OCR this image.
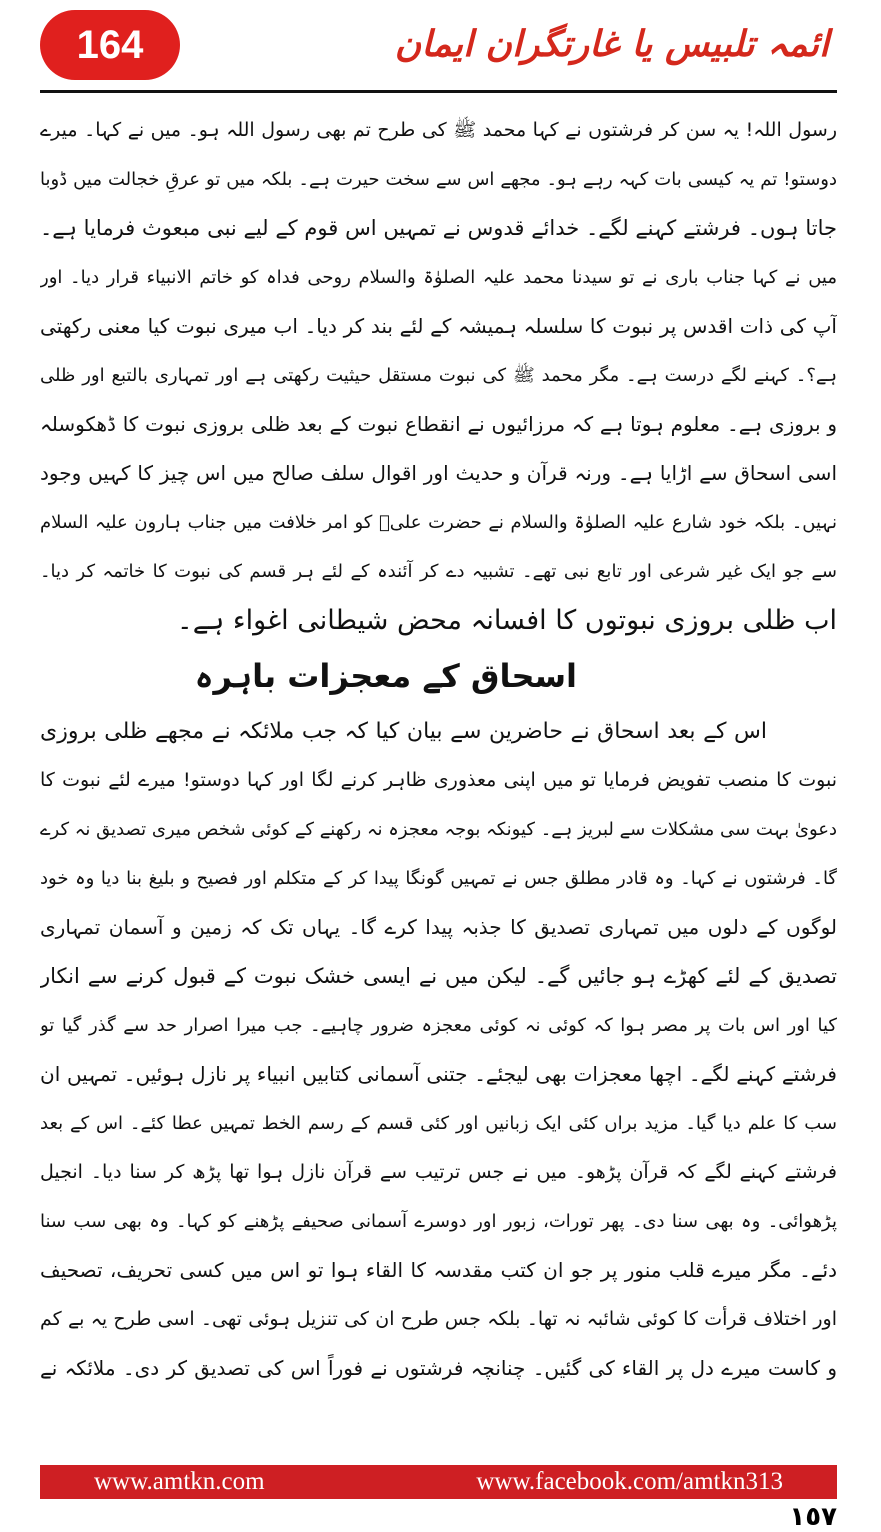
164	ائمہ تلبیس یا غارتگران ایمان
رسول اللہ! یہ سن کر فرشتوں نے کہا محمد ﷺ کی طرح تم بھی رسول اللہ ہو۔ میں نے کہا۔ میرے
دوستو! تم یہ کیسی بات کہہ رہے ہو۔ مجھے اس سے سخت حیرت ہے۔ بلکہ میں تو عرقِ خجالت میں ڈوبا
جاتا ہوں۔ فرشتے کہنے لگے۔ خدائے قدوس نے تمہیں اس قوم کے لیے نبی مبعوث فرمایا ہے۔
میں نے کہا جناب باری نے تو سیدنا محمد علیہ الصلوٰۃ والسلام روحی فداہ کو خاتم الانبیاء قرار دیا۔ اور
آپ کی ذات اقدس پر نبوت کا سلسلہ ہمیشہ کے لئے بند کر دیا۔ اب میری نبوت کیا معنی رکھتی
ہے؟۔ کہنے لگے درست ہے۔ مگر محمد ﷺ کی نبوت مستقل حیثیت رکھتی ہے اور تمہاری بالتبع اور ظلی
و بروزی ہے۔ معلوم ہوتا ہے کہ مرزائیوں نے انقطاع نبوت کے بعد ظلی بروزی نبوت کا ڈھکوسلہ
اسی اسحاق سے اڑایا ہے۔ ورنہ قرآن و حدیث اور اقوال سلف صالح میں اس چیز کا کہیں وجود
نہیں۔ بلکہ خود شارع علیہ الصلوٰۃ والسلام نے حضرت علیؓ کو امر خلافت میں جناب ہارون علیہ السلام
سے جو ایک غیر شرعی اور تابع نبی تھے۔ تشبیہ دے کر آئندہ کے لئے ہر قسم کی نبوت کا خاتمہ کر دیا۔
اب ظلی بروزی نبوتوں کا افسانہ محض شیطانی اغواء ہے۔
اسحاق کے معجزات باہرہ
اس کے بعد اسحاق نے حاضرین سے بیان کیا کہ جب ملائکہ نے مجھے ظلی بروزی
نبوت کا منصب تفویض فرمایا تو میں اپنی معذوری ظاہر کرنے لگا اور کہا دوستو! میرے لئے نبوت کا
دعویٰ بہت سی مشکلات سے لبریز ہے۔ کیونکہ بوجہ معجزہ نہ رکھنے کے کوئی شخص میری تصدیق نہ کرے
گا۔ فرشتوں نے کہا۔ وہ قادر مطلق جس نے تمہیں گونگا پیدا کر کے متکلم اور فصیح و بلیغ بنا دیا وہ خود
لوگوں کے دلوں میں تمہاری تصدیق کا جذبہ پیدا کرے گا۔ یہاں تک کہ زمین و آسمان تمہاری
تصدیق کے لئے کھڑے ہو جائیں گے۔ لیکن میں نے ایسی خشک نبوت کے قبول کرنے سے انکار
کیا اور اس بات پر مصر ہوا کہ کوئی نہ کوئی معجزہ ضرور چاہیے۔ جب میرا اصرار حد سے گذر گیا تو
فرشتے کہنے لگے۔ اچھا معجزات بھی لیجئے۔ جتنی آسمانی کتابیں انبیاء پر نازل ہوئیں۔ تمہیں ان
سب کا علم دیا گیا۔ مزید براں کئی ایک زبانیں اور کئی قسم کے رسم الخط تمہیں عطا کئے۔ اس کے بعد
فرشتے کہنے لگے کہ قرآن پڑھو۔ میں نے جس ترتیب سے قرآن نازل ہوا تھا پڑھ کر سنا دیا۔ انجیل
پڑھوائی۔ وہ بھی سنا دی۔ پھر تورات، زبور اور دوسرے آسمانی صحیفے پڑھنے کو کہا۔ وہ بھی سب سنا
دئے۔ مگر میرے قلب منور پر جو ان کتب مقدسہ کا القاء ہوا تو اس میں کسی تحریف، تصحیف
اور اختلاف قرأت کا کوئی شائبہ نہ تھا۔ بلکہ جس طرح ان کی تنزیل ہوئی تھی۔ اسی طرح یہ بے کم
و کاست میرے دل پر القاء کی گئیں۔ چنانچہ فرشتوں نے فوراً اس کی تصدیق کر دی۔ ملائکہ نے
www.amtkn.com	www.facebook.com/amtkn313
١٥٧
